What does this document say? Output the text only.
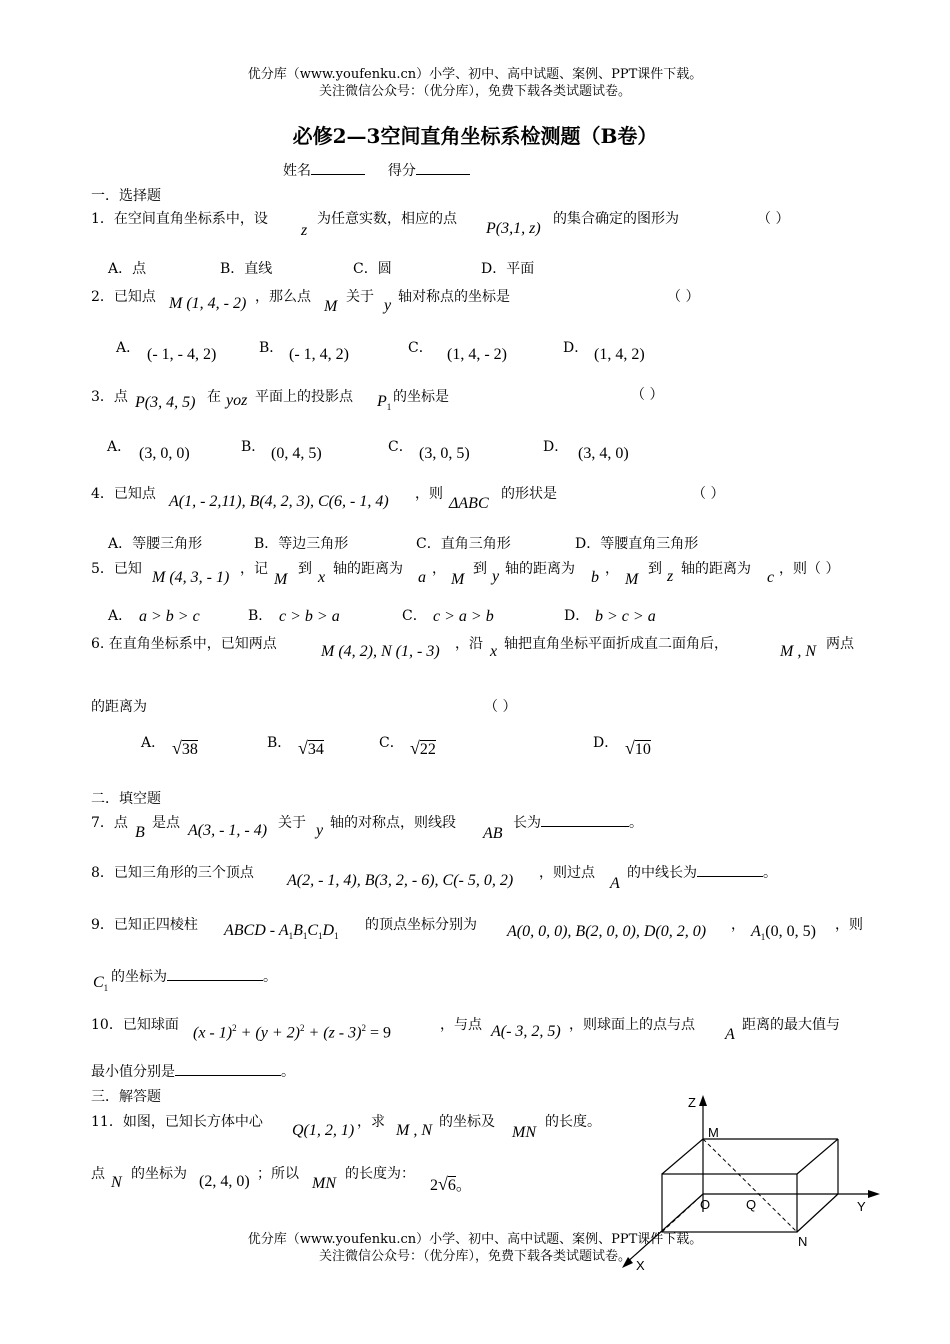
优分库（www.youfenku.cn）小学、初中、高中试题、案例、PPT课件下载。
关注微信公众号：（优分库），免费下载各类试题试卷。
必修2—3空间直角坐标系检测题（B卷）
姓名	得分
一．选择题
1．在空间直角坐标系中，设
z
为任意实数，相应的点
P(3,1, z)
的集合确定的图形为	（ ）
A．点	B．直线	C．圆	D．平面
2．已知点 M (1, 4, - 2) ，那么点
M
关于 y 轴对称点的坐标是	（ ）
A． (- 1, - 4, 2)	B． (- 1, 4, 2)	C． (1, 4, - 2)	D． (1, 4, 2)
3．点 P(3, 4, 5) 在 yoz 平面上的投影点 $P_1$
的坐标是	（ ）
A． (3, 0, 0)	B． (0, 4, 5)	C． (3, 0, 5)	D． (3, 4, 0)
4．已知点 A(1, - 2,11), B(4, 2, 3), C(6, - 1, 4) ，则
ΔABC
的形状是	（ ）
A．等腰三角形	B．等边三角形	C．直角三角形	D．等腰直角三角形
5．已知 M (4, 3, - 1) ，记
M
到 x 轴的距离为 a ，
M
到 y 轴的距离为 b ，
M
到 z 轴的距离为 c ，则（ ）
A． a > b > c	B． c > b > a	C． c > a > b	D． b > c > a
6. 在直角坐标系中，已知两点	M (4, 2), N (1, - 3) ，沿 x 轴把直角坐标平面折成直二面角后，	M , N 两点
的距离为	（ ）
A． √38	B． √34	C． √22	D． √10
二．填空题
7．点
B
是点 A(3, - 1, - 4) 关于 y 轴的对称点，则线段
AB
长为	。
8．已知三角形的三个顶点 A(2, - 1, 4), B(3, 2, - 6), C(- 5, 0, 2) ，则过点
A
的中线长为	。
9．已知正四棱柱 ABCD - $A_1B_1C_1D_1$
的顶点坐标分别为 A(0, 0, 0), B(2, 0, 0), D(0, 2, 0) ， $A_1(0$, 0, 5) ，则
$C_1$
的坐标为	。
10．已知球面 $(x - 1)^2 + (y + 2)^2 + (z - 3)^2 = 9$	，与点 A(- 3, 2, 5) ，则球面上的点与点
A
距离的最大值与
最小值分别是	。
三．解答题
11．如图，已知长方体中心 Q(1, 2, 1) ，求 M , N 的坐标及
MN
的长度。
点 N 的坐标为 (2, 4, 0) ；所以
MN
的长度为：
2√6。
Z
M
O	Q	Y
N
X
优分库（www.youfenku.cn）小学、初中、高中试题、案例、PPT课件下载。
关注微信公众号：（优分库），免费下载各类试题试卷。
